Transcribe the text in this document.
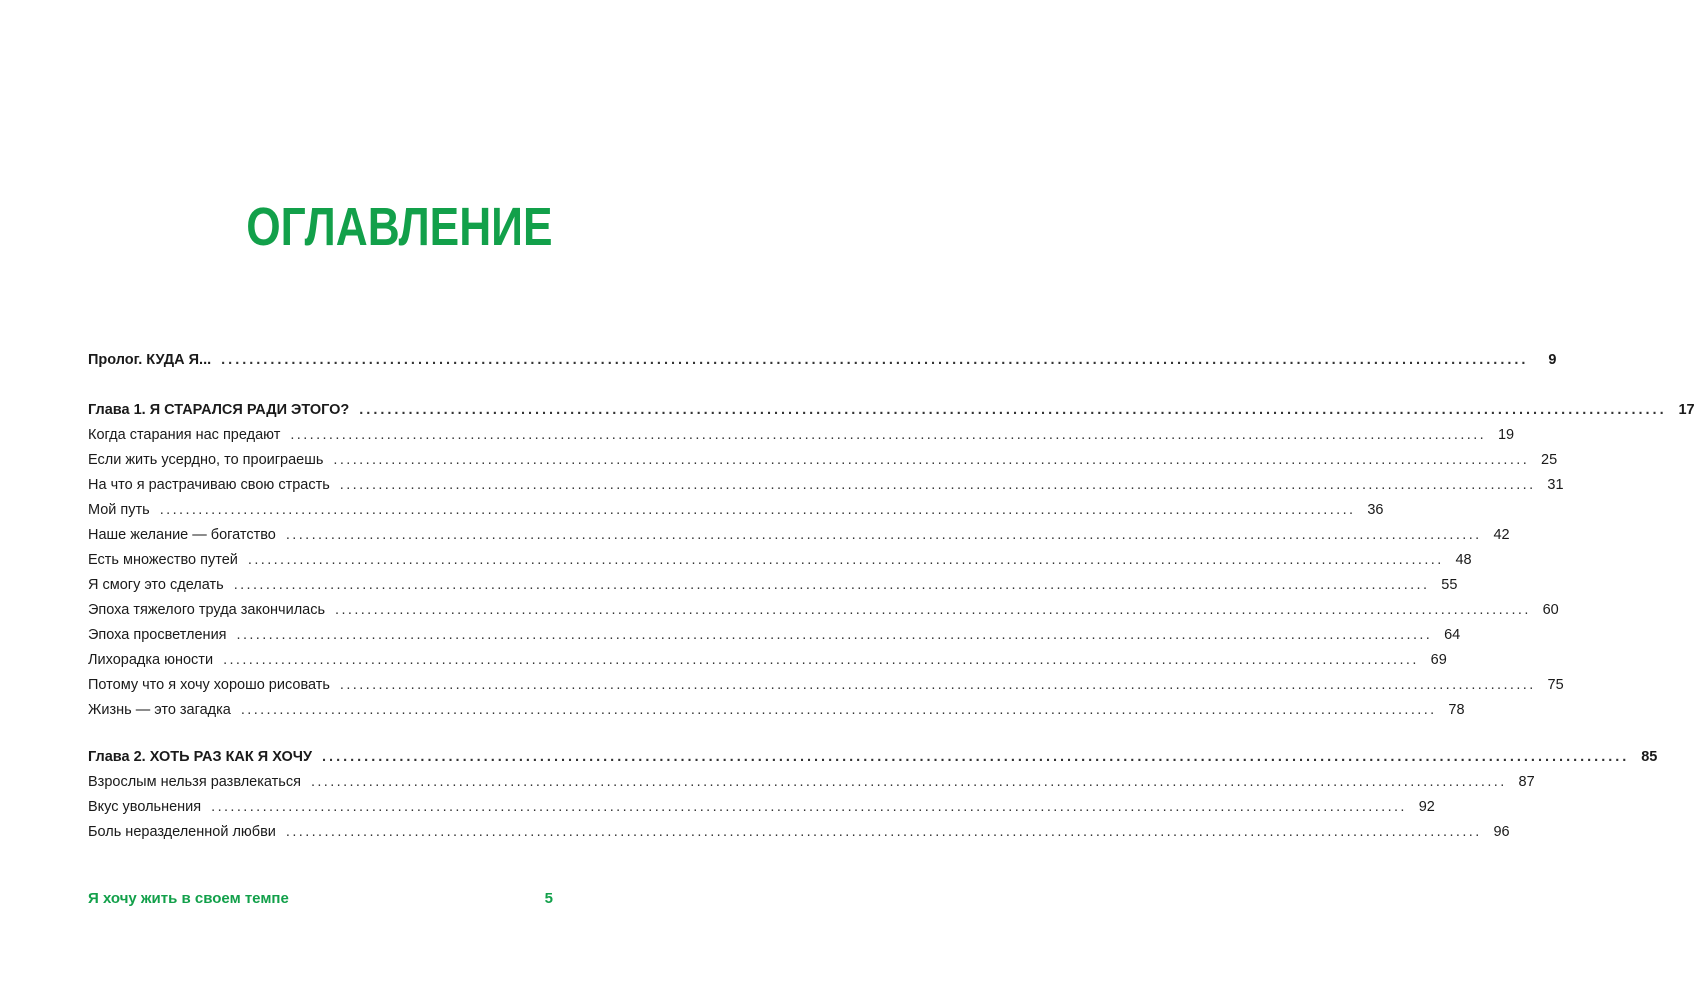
ОГЛАВЛЕНИЕ
Пролог. КУДА Я... ..........................................................................................................................................................................................	9
Глава 1. Я СТАРАЛСЯ РАДИ ЭТОГО? .......................................................................................................................................................................................... 17
Когда старания нас предают .......................................................................................................................................................................................... 19
Если жить усердно, то проиграешь .......................................................................................................................................................................................... 25
На что я растрачиваю свою страсть .......................................................................................................................................................................................... 31
Мой путь .......................................................................................................................................................................................... 36
Наше желание — богатство .......................................................................................................................................................................................... 42
Есть множество путей .......................................................................................................................................................................................... 48
Я смогу это сделать .......................................................................................................................................................................................... 55
Эпоха тяжелого труда закончилась .......................................................................................................................................................................................... 60
Эпоха просветления .......................................................................................................................................................................................... 64
Лихорадка юности .......................................................................................................................................................................................... 69
Потому что я хочу хорошо рисовать .......................................................................................................................................................................................... 75
Жизнь — это загадка .......................................................................................................................................................................................... 78
Глава 2. ХОТЬ РАЗ КАК Я ХОЧУ .......................................................................................................................................................................................... 85
Взрослым нельзя развлекаться .......................................................................................................................................................................................... 87
Вкус увольнения .......................................................................................................................................................................................... 92
Боль неразделенной любви .......................................................................................................................................................................................... 96
Я хочу жить в своем темпе	5
